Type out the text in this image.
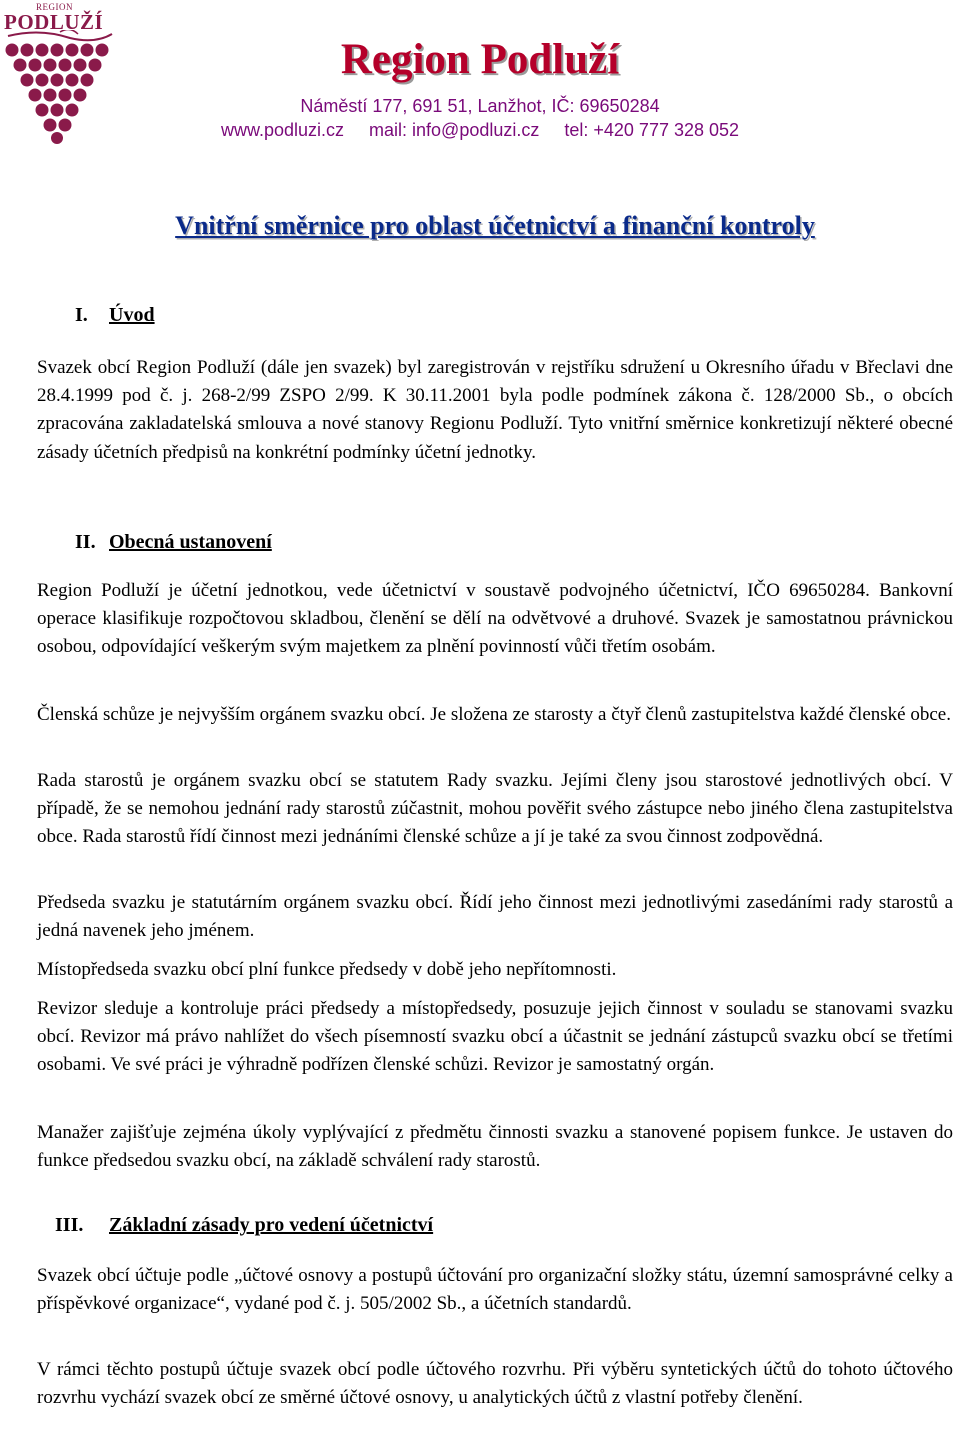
REGION
PODLUŽÍ
Region Podluží
Náměstí 177, 691 51, Lanžhot, IČ: 69650284
www.podluzi.cz mail: info@podluzi.cz tel: +420 777 328 052
Vnitřní směrnice pro oblast účetnictví a finanční kontroly
I. Úvod

Svazek obcí Region Podluží (dále jen svazek) byl zaregistrován v rejstříku sdružení u Okresního úřadu v Břeclavi dne 28.4.1999 pod č. j. 268-2/99 ZSPO 2/99. K 30.11.2001 byla podle podmínek zákona č. 128/2000 Sb., o obcích zpracována zakladatelská smlouva a nové stanovy Regionu Podluží. Tyto vnitřní směrnice konkretizují některé obecné zásady účetních předpisů na konkrétní podmínky účetní jednotky.

II. Obecná ustanovení

Region Podluží je účetní jednotkou, vede účetnictví v soustavě podvojného účetnictví, IČO 69650284. Bankovní operace klasifikuje rozpočtovou skladbou, členění se dělí na odvětvové a druhové. Svazek je samostatnou právnickou osobou, odpovídající veškerým svým majetkem za plnění povinností vůči třetím osobám.

Členská schůze je nejvyšším orgánem svazku obcí. Je složena ze starosty a čtyř členů zastupitelstva každé členské obce.

Rada starostů je orgánem svazku obcí se statutem Rady svazku. Jejími členy jsou starostové jednotlivých obcí. V případě, že se nemohou jednání rady starostů zúčastnit, mohou pověřit svého zástupce nebo jiného člena zastupitelstva obce. Rada starostů řídí činnost mezi jednáními členské schůze a jí je také za svou činnost zodpovědná.

Předseda svazku je statutárním orgánem svazku obcí. Řídí jeho činnost mezi jednotlivými zasedáními rady starostů a jedná navenek jeho jménem.

Místopředseda svazku obcí plní funkce předsedy v době jeho nepřítomnosti.

Revizor sleduje a kontroluje práci předsedy a místopředsedy, posuzuje jejich činnost v souladu se stanovami svazku obcí. Revizor má právo nahlížet do všech písemností svazku obcí a účastnit se jednání zástupců svazku obcí se třetími osobami. Ve své práci je výhradně podřízen členské schůzi. Revizor je samostatný orgán.

Manažer zajišťuje zejména úkoly vyplývající z předmětu činnosti svazku a stanovené popisem funkce. Je ustaven do funkce předsedou svazku obcí, na základě schválení rady starostů.

III. Základní zásady pro vedení účetnictví

Svazek obcí účtuje podle „účtové osnovy a postupů účtování pro organizační složky státu, územní samosprávné celky a příspěvkové organizace“, vydané pod č. j. 505/2002 Sb., a účetních standardů.

V rámci těchto postupů účtuje svazek obcí podle účtového rozvrhu. Při výběru syntetických účtů do tohoto účtového rozvrhu vychází svazek obcí ze směrné účtové osnovy, u analytických účtů z vlastní potřeby členění.
